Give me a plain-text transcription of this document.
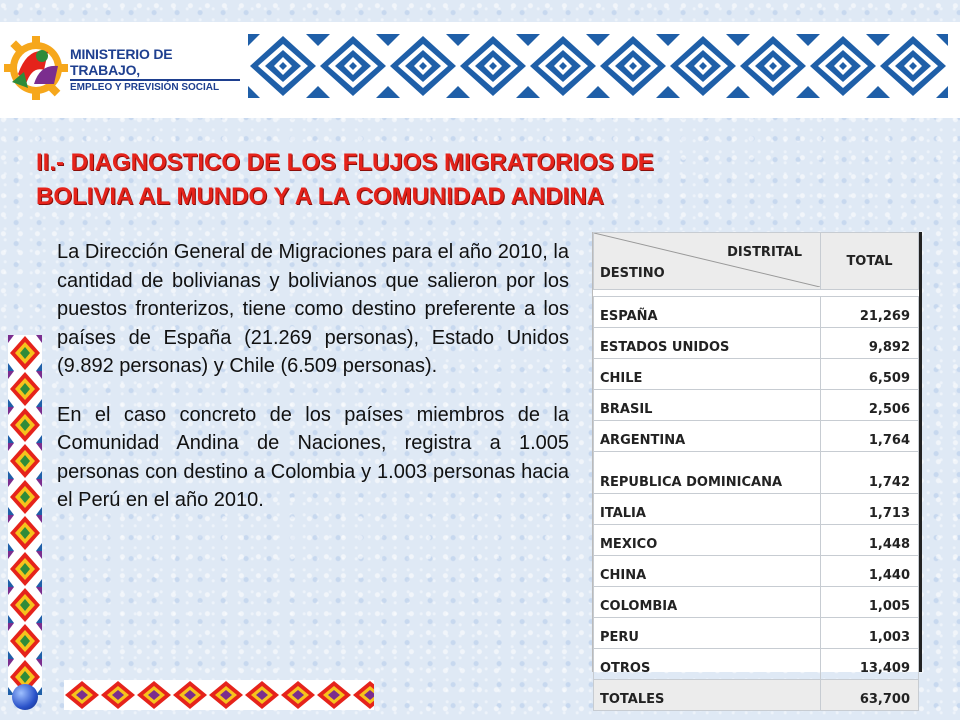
MINISTERIO DE TRABAJO,
EMPLEO Y PREVISIÓN SOCIAL
II.- DIAGNOSTICO DE LOS FLUJOS MIGRATORIOS DE
BOLIVIA AL MUNDO Y A LA COMUNIDAD ANDINA

La Dirección General de Migraciones para el año 2010, la cantidad de bolivianas y bolivianos que salieron por los puestos fronterizos, tiene como destino preferente a los países de España (21.269 personas), Estado Unidos (9.892 personas) y Chile (6.509 personas).

En el caso concreto de los países miembros de la Comunidad Andina de Naciones, registra a 1.005 personas con destino a Colombia y 1.003 personas hacia el Perú en el año 2010.

DISTRITAL
DESTINO	TOTAL

ESPAÑA	21,269
ESTADOS UNIDOS	9,892
CHILE	6,509
BRASIL	2,506
ARGENTINA	1,764
REPUBLICA DOMINICANA	1,742
ITALIA	1,713
MEXICO	1,448
CHINA	1,440
COLOMBIA	1,005
PERU	1,003
OTROS	13,409
TOTALES	63,700
